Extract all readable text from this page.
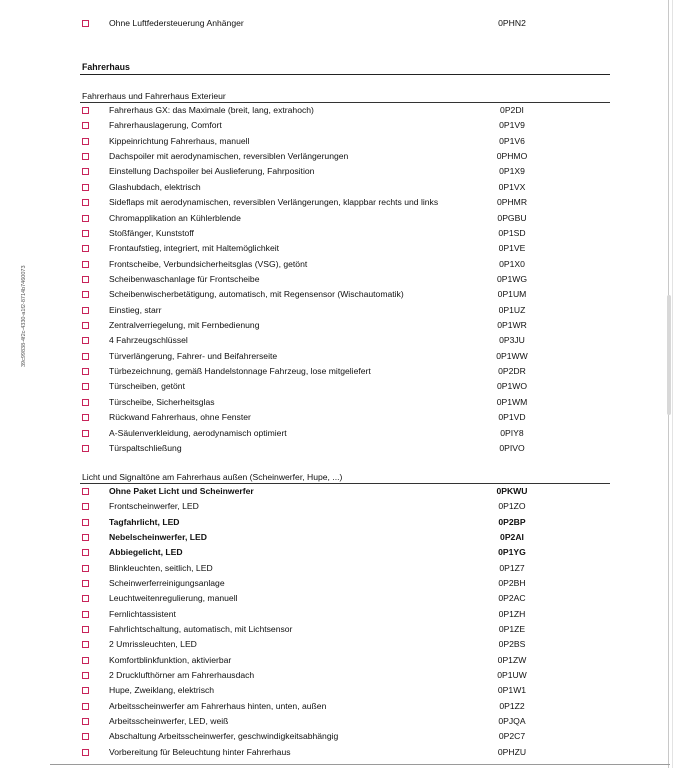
39c99838-4f2c-4330-a1f2-8714b7460073
Ohne Luftfedersteuerung Anhänger	0PHN2
Fahrerhaus
Fahrerhaus und Fahrerhaus Exterieur
Fahrerhaus GX: das Maximale (breit, lang, extrahoch)	0P2DI
Fahrerhauslagerung, Comfort	0P1V9
Kippeinrichtung Fahrerhaus, manuell	0P1V6
Dachspoiler mit aerodynamischen, reversiblen Verlängerungen	0PHMO
Einstellung Dachspoiler bei Auslieferung, Fahrposition	0P1X9
Glashubdach, elektrisch	0P1VX
Sideflaps mit aerodynamischen, reversiblen Verlängerungen, klappbar rechts und links	0PHMR
Chromapplikation an Kühlerblende	0PGBU
Stoßfänger, Kunststoff	0P1SD
Frontaufstieg, integriert, mit Haltemöglichkeit	0P1VE
Frontscheibe, Verbundsicherheitsglas (VSG), getönt	0P1X0
Scheibenwaschanlage für Frontscheibe	0P1WG
Scheibenwischerbetätigung, automatisch, mit Regensensor (Wischautomatik)	0P1UM
Einstieg, starr	0P1UZ
Zentralverriegelung, mit Fernbedienung	0P1WR
4 Fahrzeugschlüssel	0P3JU
Türverlängerung, Fahrer- und Beifahrerseite	0P1WW
Türbezeichnung, gemäß Handelstonnage Fahrzeug, lose mitgeliefert	0P2DR
Türscheiben, getönt	0P1WO
Türscheibe, Sicherheitsglas	0P1WM
Rückwand Fahrerhaus, ohne Fenster	0P1VD
A-Säulenverkleidung, aerodynamisch optimiert	0PIY8
Türspaltschließung	0PIVO
Licht und Signaltöne am Fahrerhaus außen (Scheinwerfer, Hupe, ...)
Ohne Paket Licht und Scheinwerfer	0PKWU
Frontscheinwerfer, LED	0P1ZO
Tagfahrlicht, LED	0P2BP
Nebelscheinwerfer, LED	0P2AI
Abbiegelicht, LED	0P1YG
Blinkleuchten, seitlich, LED	0P1Z7
Scheinwerferreinigungsanlage	0P2BH
Leuchtweitenregulierung, manuell	0P2AC
Fernlichtassistent	0P1ZH
Fahrlichtschaltung, automatisch, mit Lichtsensor	0P1ZE
2 Umrissleuchten, LED	0P2BS
Komfortblinkfunktion, aktivierbar	0P1ZW
2 Drucklufthörner am Fahrerhausdach	0P1UW
Hupe, Zweiklang, elektrisch	0P1W1
Arbeitsscheinwerfer am Fahrerhaus hinten, unten, außen	0P1Z2
Arbeitsscheinwerfer, LED, weiß	0PJQA
Abschaltung Arbeitsscheinwerfer, geschwindigkeitsabhängig	0P2C7
Vorbereitung für Beleuchtung hinter Fahrerhaus	0PHZU
